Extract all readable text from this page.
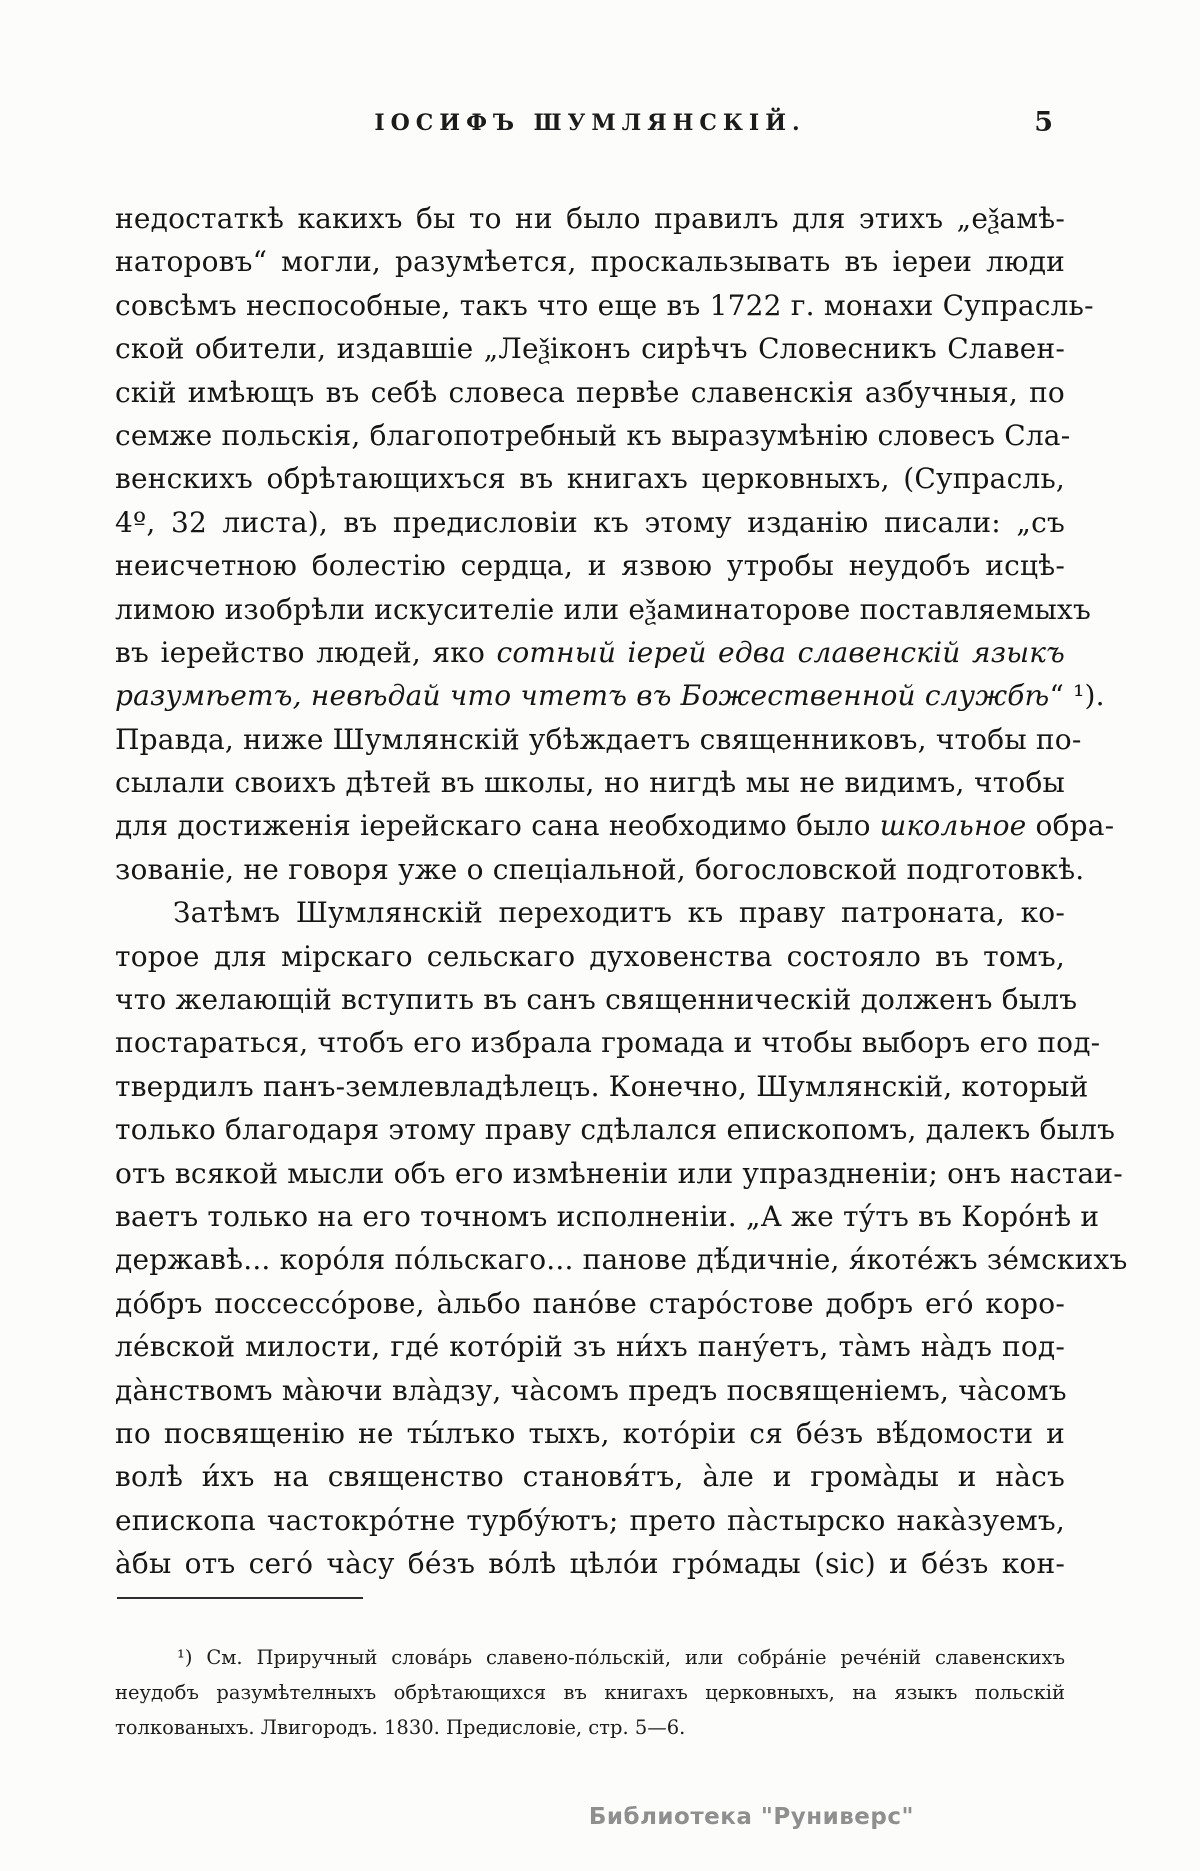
ІОСИФЪ ШУМЛЯНСКІЙ.	5
недостаткѣ какихъ бы то ни было правилъ для этихъ „еѯамѣ-
наторовъ“ могли, разумѣется, проскальзывать въ іереи люди
совсѣмъ неспособные, такъ что еще въ 1722 г. монахи Супрасль-
ской обители, издавшіе „Леѯіконъ сирѣчъ Словесникъ Славен-
скій имѣющъ въ себѣ словеса первѣе славенскія азбучныя, по
семже польскія, благопотребный къ выразумѣнію словесъ Сла-
венскихъ обрѣтающихъся въ книгахъ церковныхъ, (Супрасль,
4º, 32 листа), въ предисловіи къ этому изданію писали: „съ
неисчетною болестію сердца, и язвою утробы неудобъ исцѣ-
лимою изобрѣли искусителіе или еѯаминаторове поставляемыхъ
въ іерейство людей, яко сотный іерей едва славенскій языкъ
разумѣетъ, невѣдай что чтетъ въ Божественной службѣ“ ¹).
Правда, ниже Шумлянскій убѣждаетъ священниковъ, чтобы по-
сылали своихъ дѣтей въ школы, но нигдѣ мы не видимъ, чтобы
для достиженія іерейскаго сана необходимо было школьное обра-
зованіе, не говоря уже о спеціальной, богословской подготовкѣ.
Затѣмъ Шумлянскій переходитъ къ праву патроната, ко-
торое для мірскаго сельскаго духовенства состояло въ томъ,
что желающій вступить въ санъ священническій долженъ былъ
постараться, чтобъ его избрала громада и чтобы выборъ его под-
твердилъ панъ-землевладѣлецъ. Конечно, Шумлянскій, который
только благодаря этому праву сдѣлался епископомъ, далекъ былъ
отъ всякой мысли объ его измѣненіи или упраздненіи; онъ настаи-
ваетъ только на его точномъ исполненіи. „А же ту́тъ въ Коро́нѣ и
державѣ... коро́ля по́льскаго... панове дѣ́дичніе, я́коте́жъ зе́мскихъ
до́бръ поссессо́рове, а̀льбо пано́ве старо́стове добръ его́ коро-
ле́вской милости, где́ кото́рій зъ ни́хъ пану́етъ, та̀мъ на̀дъ под-
да̀нствомъ ма̀ючи вла̀дзу, ча̀сомъ предъ посвященіемъ, ча̀сомъ
по посвященію не ты́лъко тыхъ, кото́ріи ся бе́зъ вѣ́домости и
волѣ и́хъ на священство становя́тъ, а̀ле и грома̀ды и на̀съ
епископа частокро́тне турбу́ютъ; прето па̀стырско нака̀зуемъ,
а̀бы отъ сего́ ча̀су бе́зъ во́лѣ цѣло́и гро́мады (sic) и бе́зъ кон-
¹) См. Приручный слова́рь славено-по́льскій, или собра́ніе рече́ній славенскихъ
неудобъ разумѣтелныхъ обрѣтающихся въ книгахъ церковныхъ, на языкъ польскій
толкованыхъ. Лвигородъ. 1830. Предисловіе, стр. 5—6.
Библиотека "Руниверс"
